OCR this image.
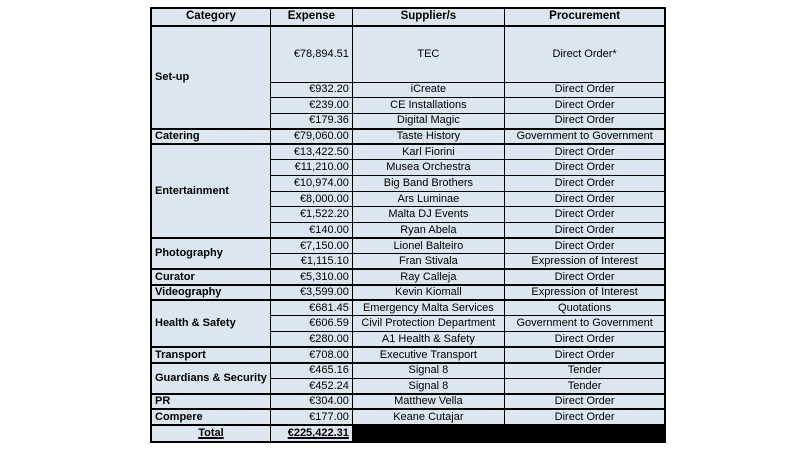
Category	Expense	Supplier/s	Procurement
Set-up	€78,894.51	TEC	Direct Order*
	€932.20	iCreate	Direct Order
	€239.00	CE Installations	Direct Order
	€179.36	Digital Magic	Direct Order
Catering	€79,060.00	Taste History	Government to Government
Entertainment	€13,422.50	Karl Fiorini	Direct Order
	€11,210.00	Musea Orchestra	Direct Order
	€10,974.00	Big Band Brothers	Direct Order
	€8,000.00	Ars Luminae	Direct Order
	€1,522.20	Malta DJ Events	Direct Order
	€140.00	Ryan Abela	Direct Order
Photography	€7,150.00	Lionel Balteiro	Direct Order
	€1,115.10	Fran Stivala	Expression of Interest
Curator	€5,310.00	Ray Calleja	Direct Order
Videography	€3,599.00	Kevin Kiomall	Expression of Interest
Health & Safety	€681.45	Emergency Malta Services	Quotations
	€606.59	Civil Protection Department	Government to Government
	€280.00	A1 Health & Safety	Direct Order
Transport	€708.00	Executive Transport	Direct Order
Guardians & Security	€465.16	Signal 8	Tender
	€452.24	Signal 8	Tender
PR	€304.00	Matthew Vella	Direct Order
Compere	€177.00	Keane Cutajar	Direct Order
Total	€225,422.31		
